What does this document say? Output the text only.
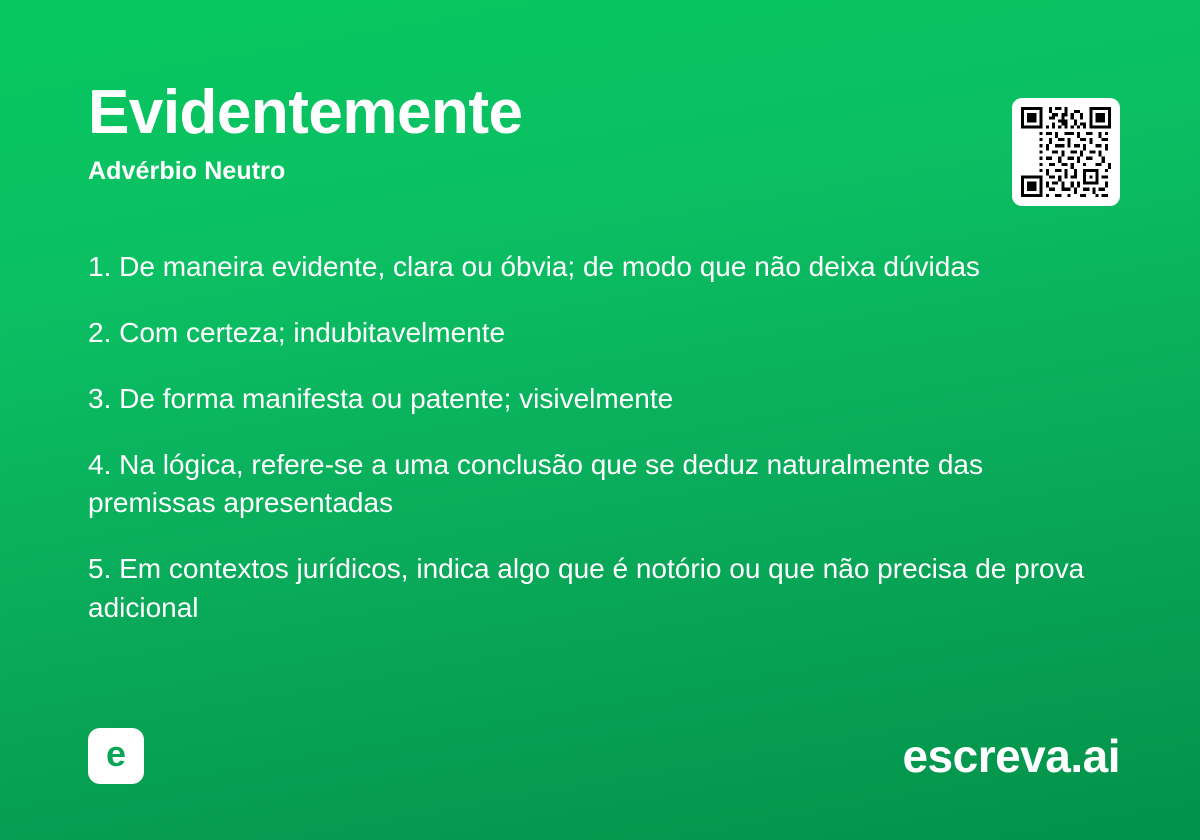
Evidentemente

Advérbio Neutro

1. De maneira evidente, clara ou óbvia; de modo que não deixa dúvidas

2. Com certeza; indubitavelmente

3. De forma manifesta ou patente; visivelmente

4. Na lógica, refere-se a uma conclusão que se deduz naturalmente das premissas apresentadas

5. Em contextos jurídicos, indica algo que é notório ou que não precisa de prova adicional

e	escreva.ai
